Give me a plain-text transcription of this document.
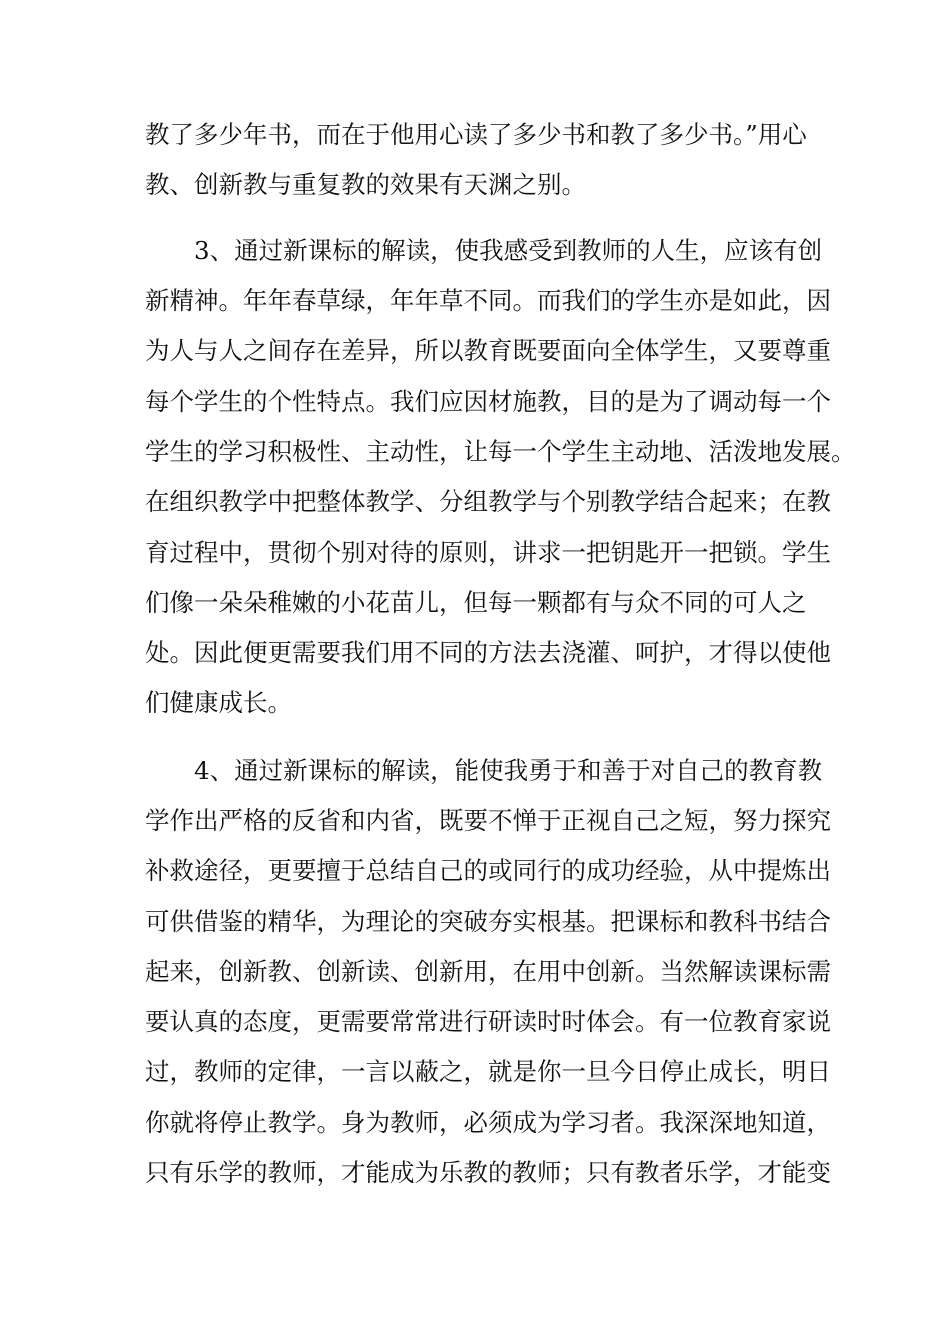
教了多少年书，而在于他用心读了多少书和教了多少书。”用心
教、创新教与重复教的效果有天渊之别。
3、通过新课标的解读，使我感受到教师的人生，应该有创
新精神。年年春草绿，年年草不同。而我们的学生亦是如此，因
为人与人之间存在差异，所以教育既要面向全体学生，又要尊重
每个学生的个性特点。我们应因材施教，目的是为了调动每一个
学生的学习积极性、主动性，让每一个学生主动地、活泼地发展。
在组织教学中把整体教学、分组教学与个别教学结合起来；在教
育过程中，贯彻个别对待的原则，讲求一把钥匙开一把锁。学生
们像一朵朵稚嫩的小花苗儿，但每一颗都有与众不同的可人之
处。因此便更需要我们用不同的方法去浇灌、呵护，才得以使他
们健康成长。
4、通过新课标的解读，能使我勇于和善于对自己的教育教
学作出严格的反省和内省，既要不惮于正视自己之短，努力探究
补救途径，更要擅于总结自己的或同行的成功经验，从中提炼出
可供借鉴的精华，为理论的突破夯实根基。把课标和教科书结合
起来，创新教、创新读、创新用，在用中创新。当然解读课标需
要认真的态度，更需要常常进行研读时时体会。有一位教育家说
过，教师的定律，一言以蔽之，就是你一旦今日停止成长，明日
你就将停止教学。身为教师，必须成为学习者。我深深地知道，
只有乐学的教师，才能成为乐教的教师；只有教者乐学，才能变
